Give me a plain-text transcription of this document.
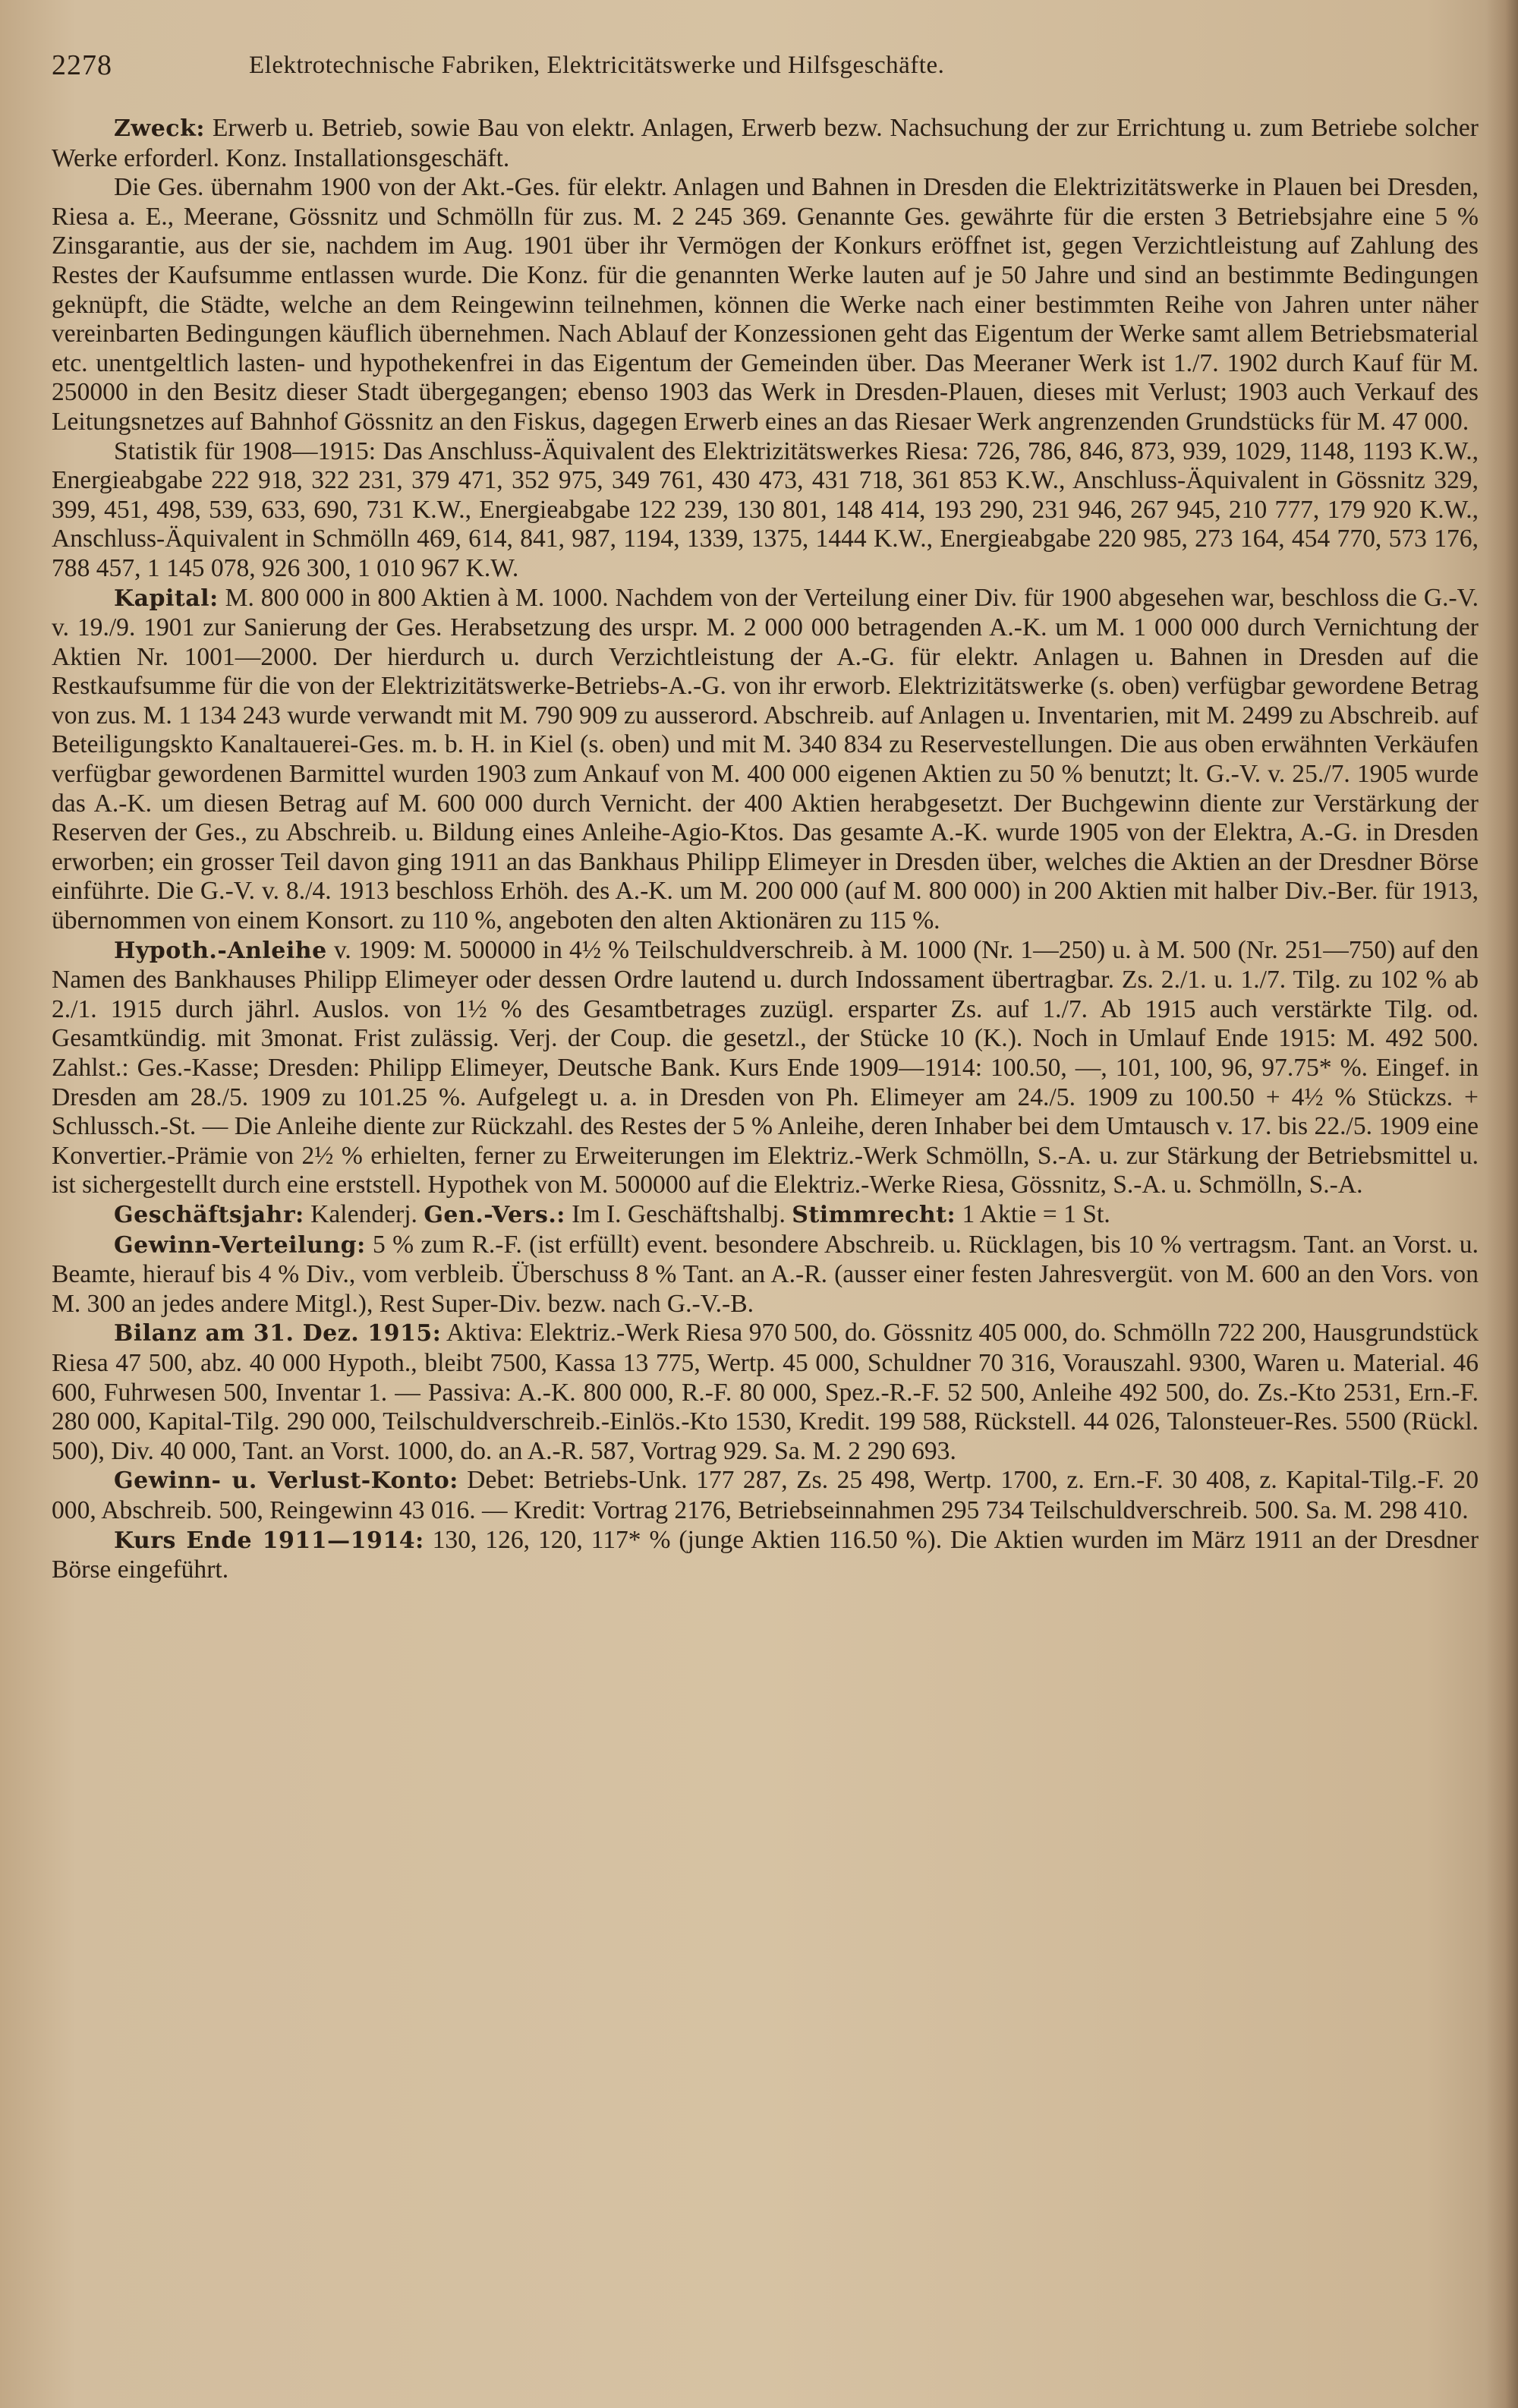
2278	Elektrotechnische Fabriken, Elektricitätswerke und Hilfsgeschäfte.

Zweck: Erwerb u. Betrieb, sowie Bau von elektr. Anlagen, Erwerb bezw. Nachsuchung der zur Errichtung u. zum Betriebe solcher Werke erforderl. Konz. Installationsgeschäft.

Die Ges. übernahm 1900 von der Akt.-Ges. für elektr. Anlagen und Bahnen in Dresden die Elektrizitätswerke in Plauen bei Dresden, Riesa a. E., Meerane, Gössnitz und Schmölln für zus. M. 2 245 369. Genannte Ges. gewährte für die ersten 3 Betriebsjahre eine 5 % Zinsgarantie, aus der sie, nachdem im Aug. 1901 über ihr Vermögen der Konkurs eröffnet ist, gegen Verzichtleistung auf Zahlung des Restes der Kaufsumme entlassen wurde. Die Konz. für die genannten Werke lauten auf je 50 Jahre und sind an bestimmte Bedingungen geknüpft, die Städte, welche an dem Reingewinn teilnehmen, können die Werke nach einer bestimmten Reihe von Jahren unter näher vereinbarten Bedingungen käuflich übernehmen. Nach Ablauf der Konzessionen geht das Eigentum der Werke samt allem Betriebsmaterial etc. unentgeltlich lasten- und hypothekenfrei in das Eigentum der Gemeinden über. Das Meeraner Werk ist 1./7. 1902 durch Kauf für M. 250000 in den Besitz dieser Stadt übergegangen; ebenso 1903 das Werk in Dresden-Plauen, dieses mit Verlust; 1903 auch Verkauf des Leitungsnetzes auf Bahnhof Gössnitz an den Fiskus, dagegen Erwerb eines an das Riesaer Werk angrenzenden Grundstücks für M. 47 000.

Statistik für 1908—1915: Das Anschluss-Äquivalent des Elektrizitätswerkes Riesa: 726, 786, 846, 873, 939, 1029, 1148, 1193 K.W., Energieabgabe 222 918, 322 231, 379 471, 352 975, 349 761, 430 473, 431 718, 361 853 K.W., Anschluss-Äquivalent in Gössnitz 329, 399, 451, 498, 539, 633, 690, 731 K.W., Energieabgabe 122 239, 130 801, 148 414, 193 290, 231 946, 267 945, 210 777, 179 920 K.W., Anschluss-Äquivalent in Schmölln 469, 614, 841, 987, 1194, 1339, 1375, 1444 K.W., Energieabgabe 220 985, 273 164, 454 770, 573 176, 788 457, 1 145 078, 926 300, 1 010 967 K.W.

Kapital: M. 800 000 in 800 Aktien à M. 1000. Nachdem von der Verteilung einer Div. für 1900 abgesehen war, beschloss die G.-V. v. 19./9. 1901 zur Sanierung der Ges. Herabsetzung des urspr. M. 2 000 000 betragenden A.-K. um M. 1 000 000 durch Vernichtung der Aktien Nr. 1001—2000. Der hierdurch u. durch Verzichtleistung der A.-G. für elektr. Anlagen u. Bahnen in Dresden auf die Restkaufsumme für die von der Elektrizitätswerke-Betriebs-A.-G. von ihr erworb. Elektrizitätswerke (s. oben) verfügbar gewordene Betrag von zus. M. 1 134 243 wurde verwandt mit M. 790 909 zu ausserord. Abschreib. auf Anlagen u. Inventarien, mit M. 2499 zu Abschreib. auf Beteiligungskto Kanaltauerei-Ges. m. b. H. in Kiel (s. oben) und mit M. 340 834 zu Reservestellungen. Die aus oben erwähnten Verkäufen verfügbar gewordenen Barmittel wurden 1903 zum Ankauf von M. 400 000 eigenen Aktien zu 50 % benutzt; lt. G.-V. v. 25./7. 1905 wurde das A.-K. um diesen Betrag auf M. 600 000 durch Vernicht. der 400 Aktien herabgesetzt. Der Buchgewinn diente zur Verstärkung der Reserven der Ges., zu Abschreib. u. Bildung eines Anleihe-Agio-Ktos. Das gesamte A.-K. wurde 1905 von der Elektra, A.-G. in Dresden erworben; ein grosser Teil davon ging 1911 an das Bankhaus Philipp Elimeyer in Dresden über, welches die Aktien an der Dresdner Börse einführte. Die G.-V. v. 8./4. 1913 beschloss Erhöh. des A.-K. um M. 200 000 (auf M. 800 000) in 200 Aktien mit halber Div.-Ber. für 1913, übernommen von einem Konsort. zu 110 %, angeboten den alten Aktionären zu 115 %.

Hypoth.-Anleihe v. 1909: M. 500000 in 4½ % Teilschuldverschreib. à M. 1000 (Nr. 1—250) u. à M. 500 (Nr. 251—750) auf den Namen des Bankhauses Philipp Elimeyer oder dessen Ordre lautend u. durch Indossament übertragbar. Zs. 2./1. u. 1./7. Tilg. zu 102 % ab 2./1. 1915 durch jährl. Auslos. von 1½ % des Gesamtbetrages zuzügl. ersparter Zs. auf 1./7. Ab 1915 auch verstärkte Tilg. od. Gesamtkündig. mit 3monat. Frist zulässig. Verj. der Coup. die gesetzl., der Stücke 10 (K.). Noch in Umlauf Ende 1915: M. 492 500. Zahlst.: Ges.-Kasse; Dresden: Philipp Elimeyer, Deutsche Bank. Kurs Ende 1909—1914: 100.50, —, 101, 100, 96, 97.75* %. Eingef. in Dresden am 28./5. 1909 zu 101.25 %. Aufgelegt u. a. in Dresden von Ph. Elimeyer am 24./5. 1909 zu 100.50 + 4½ % Stückzs. + Schlussch.-St. — Die Anleihe diente zur Rückzahl. des Restes der 5 % Anleihe, deren Inhaber bei dem Umtausch v. 17. bis 22./5. 1909 eine Konvertier.-Prämie von 2½ % erhielten, ferner zu Erweiterungen im Elektriz.-Werk Schmölln, S.-A. u. zur Stärkung der Betriebsmittel u. ist sichergestellt durch eine erststell. Hypothek von M. 500000 auf die Elektriz.-Werke Riesa, Gössnitz, S.-A. u. Schmölln, S.-A.

Geschäftsjahr: Kalenderj. Gen.-Vers.: Im I. Geschäftshalbj. Stimmrecht: 1 Aktie = 1 St.

Gewinn-Verteilung: 5 % zum R.-F. (ist erfüllt) event. besondere Abschreib. u. Rücklagen, bis 10 % vertragsm. Tant. an Vorst. u. Beamte, hierauf bis 4 % Div., vom verbleib. Überschuss 8 % Tant. an A.-R. (ausser einer festen Jahresvergüt. von M. 600 an den Vors. von M. 300 an jedes andere Mitgl.), Rest Super-Div. bezw. nach G.-V.-B.

Bilanz am 31. Dez. 1915: Aktiva: Elektriz.-Werk Riesa 970 500, do. Gössnitz 405 000, do. Schmölln 722 200, Hausgrundstück Riesa 47 500, abz. 40 000 Hypoth., bleibt 7500, Kassa 13 775, Wertp. 45 000, Schuldner 70 316, Vorauszahl. 9300, Waren u. Material. 46 600, Fuhrwesen 500, Inventar 1. — Passiva: A.-K. 800 000, R.-F. 80 000, Spez.-R.-F. 52 500, Anleihe 492 500, do. Zs.-Kto 2531, Ern.-F. 280 000, Kapital-Tilg. 290 000, Teilschuldverschreib.-Einlös.-Kto 1530, Kredit. 199 588, Rückstell. 44 026, Talonsteuer-Res. 5500 (Rückl. 500), Div. 40 000, Tant. an Vorst. 1000, do. an A.-R. 587, Vortrag 929. Sa. M. 2 290 693.

Gewinn- u. Verlust-Konto: Debet: Betriebs-Unk. 177 287, Zs. 25 498, Wertp. 1700, z. Ern.-F. 30 408, z. Kapital-Tilg.-F. 20 000, Abschreib. 500, Reingewinn 43 016. — Kredit: Vortrag 2176, Betriebseinnahmen 295 734 Teilschuldverschreib. 500. Sa. M. 298 410.

Kurs Ende 1911—1914: 130, 126, 120, 117* % (junge Aktien 116.50 %). Die Aktien wurden im März 1911 an der Dresdner Börse eingeführt.
